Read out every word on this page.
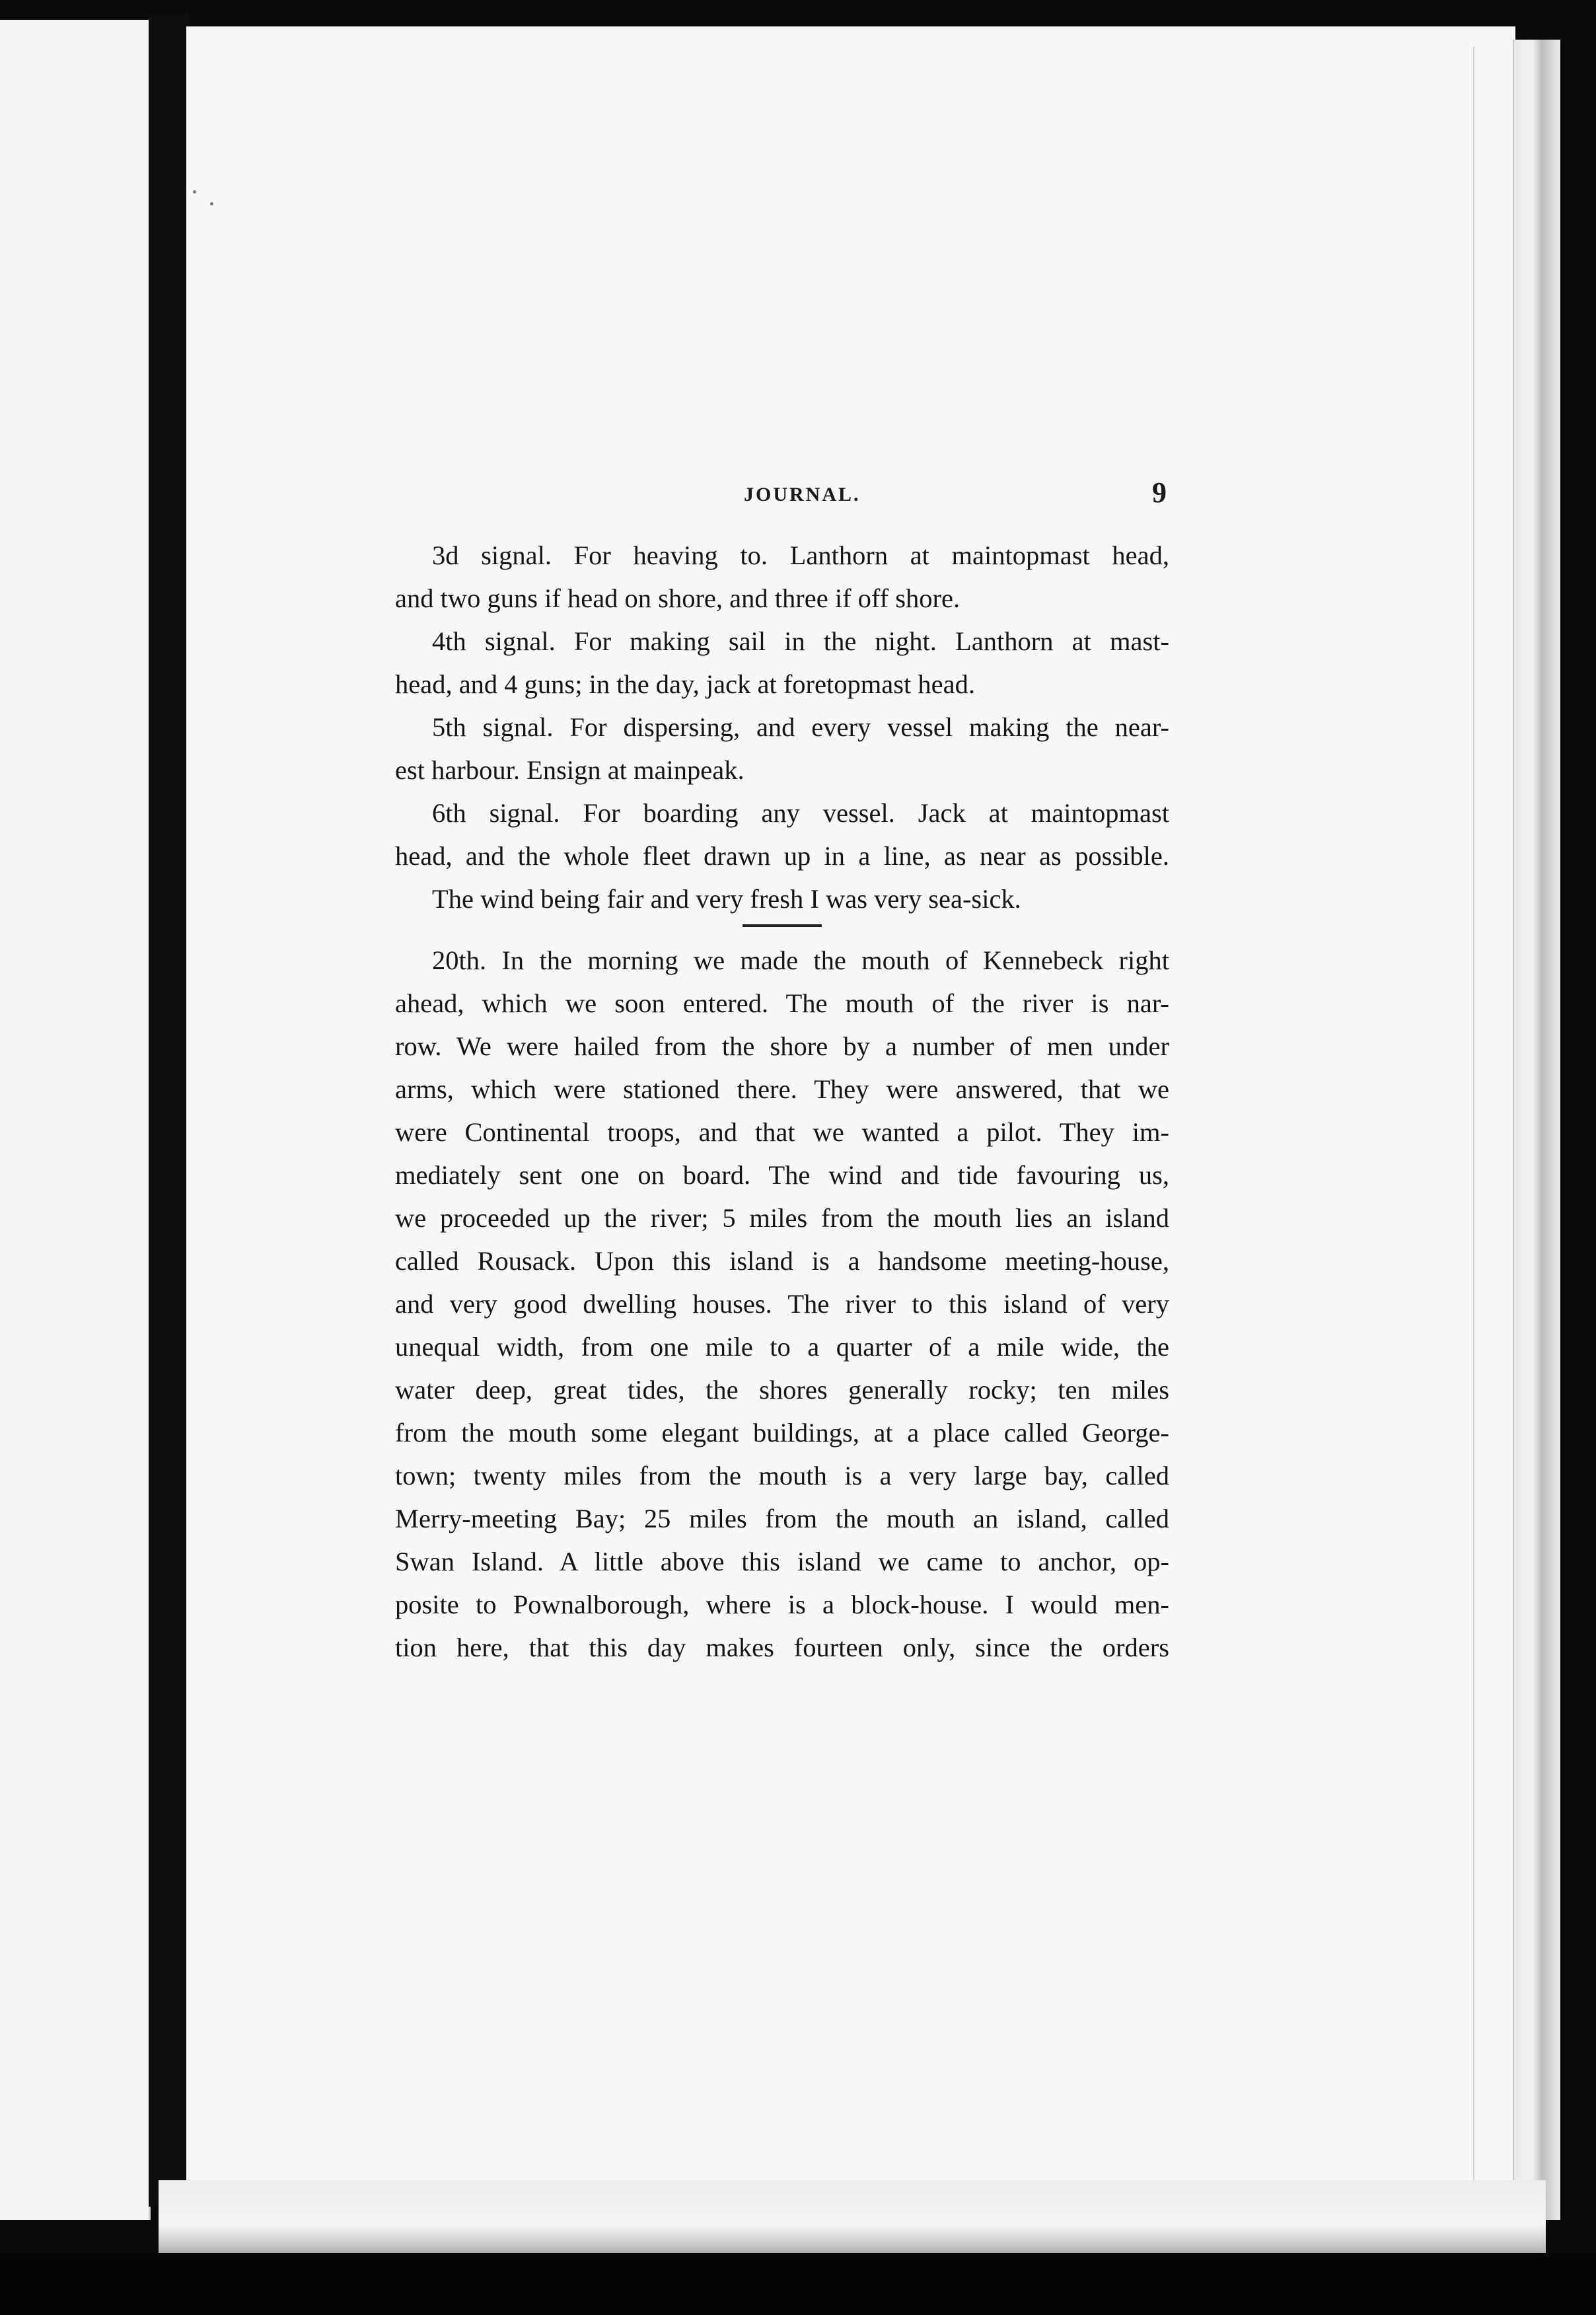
JOURNAL.	9
3d signal. For heaving to. Lanthorn at maintopmast head,
and two guns if head on shore, and three if off shore.
4th signal. For making sail in the night. Lanthorn at mast-
head, and 4 guns; in the day, jack at foretopmast head.
5th signal. For dispersing, and every vessel making the near-
est harbour. Ensign at mainpeak.
6th signal. For boarding any vessel. Jack at maintopmast
head, and the whole fleet drawn up in a line, as near as possible.
The wind being fair and very fresh I was very sea-sick.
20th. In the morning we made the mouth of Kennebeck right
ahead, which we soon entered. The mouth of the river is nar-
row. We were hailed from the shore by a number of men under
arms, which were stationed there. They were answered, that we
were Continental troops, and that we wanted a pilot. They im-
mediately sent one on board. The wind and tide favouring us,
we proceeded up the river; 5 miles from the mouth lies an island
called Rousack. Upon this island is a handsome meeting-house,
and very good dwelling houses. The river to this island of very
unequal width, from one mile to a quarter of a mile wide, the
water deep, great tides, the shores generally rocky; ten miles
from the mouth some elegant buildings, at a place called George-
town; twenty miles from the mouth is a very large bay, called
Merry-meeting Bay; 25 miles from the mouth an island, called
Swan Island. A little above this island we came to anchor, op-
posite to Pownalborough, where is a block-house. I would men-
tion here, that this day makes fourteen only, since the orders
